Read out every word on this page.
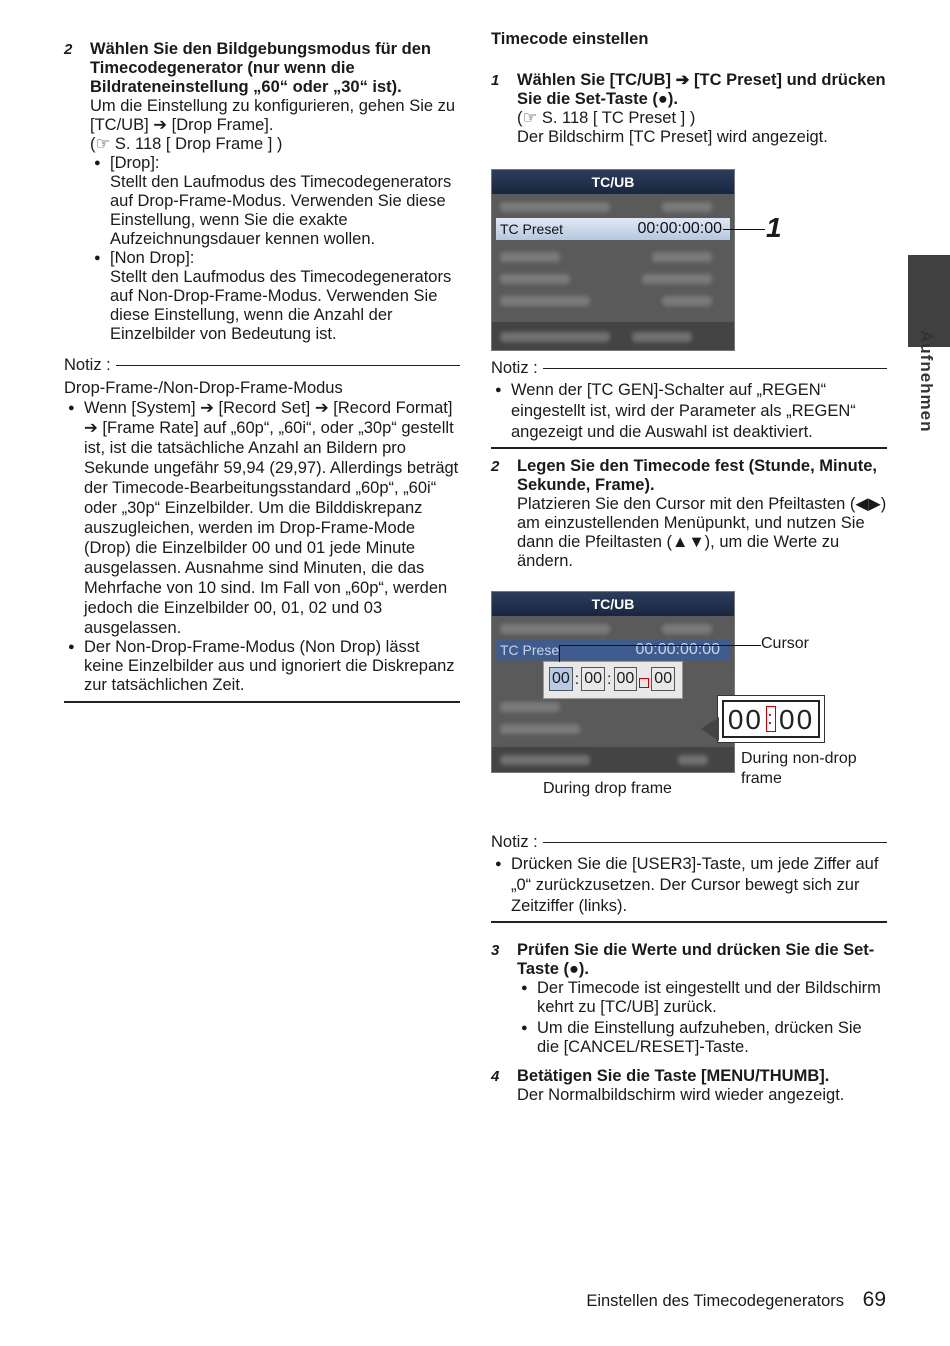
2 Wählen Sie den Bildgebungsmodus für den Timecodegenerator (nur wenn die Bildrateneinstellung „60“ oder „30“ ist).
Um die Einstellung zu konfigurieren, gehen Sie zu [TC/UB] ➔ [Drop Frame].
(☞ S. 118 [ Drop Frame ] )
● [Drop]:
Stellt den Laufmodus des Timecodegenerators auf Drop-Frame-Modus. Verwenden Sie diese Einstellung, wenn Sie die exakte Aufzeichnungsdauer kennen wollen.
● [Non Drop]:
Stellt den Laufmodus des Timecodegenerators auf Non-Drop-Frame-Modus. Verwenden Sie diese Einstellung, wenn die Anzahl der Einzelbilder von Bedeutung ist.
Notiz :
Drop-Frame-/Non-Drop-Frame-Modus
● Wenn [System] ➔ [Record Set] ➔ [Record Format] ➔ [Frame Rate] auf „60p“, „60i“, oder „30p“ gestellt ist, ist die tatsächliche Anzahl an Bildern pro Sekunde ungefähr 59,94 (29,97). Allerdings beträgt der Timecode-Bearbeitungsstandard „60p“, „60i“ oder „30p“ Einzelbilder. Um die Bilddiskrepanz auszugleichen, werden im Drop-Frame-Mode (Drop) die Einzelbilder 00 und 01 jede Minute ausgelassen. Ausnahme sind Minuten, die das Mehrfache von 10 sind. Im Fall von „60p“, werden jedoch die Einzelbilder 00, 01, 02 und 03 ausgelassen.
● Der Non-Drop-Frame-Modus (Non Drop) lässt keine Einzelbilder aus und ignoriert die Diskrepanz zur tatsächlichen Zeit.
Timecode einstellen
1 Wählen Sie [TC/UB] ➔ [TC Preset] und drücken Sie die Set-Taste (●).
(☞ S. 118 [ TC Preset ] )
Der Bildschirm [TC Preset] wird angezeigt.
TC/UB
TC Preset	00:00:00:00 1
Notiz :
● Wenn der [TC GEN]-Schalter auf „REGEN“ eingestellt ist, wird der Parameter als „REGEN“ angezeigt und die Auswahl ist deaktiviert.
2 Legen Sie den Timecode fest (Stunde, Minute, Sekunde, Frame).
Platzieren Sie den Cursor mit den Pfeiltasten (◀▶) am einzustellenden Menüpunkt, und nutzen Sie dann die Pfeiltasten (▲▼), um die Werte zu ändern.
TC/UB
TC Prese	00:00:00:00
00 : 00 : 00 00
Cursor
00 : 00
During drop frame
During non-drop frame
Notiz :
● Drücken Sie die [USER3]-Taste, um jede Ziffer auf „0“ zurückzusetzen. Der Cursor bewegt sich zur Zeitziffer (links).
3 Prüfen Sie die Werte und drücken Sie die Set-Taste (●).
● Der Timecode ist eingestellt und der Bildschirm kehrt zu [TC/UB] zurück.
● Um die Einstellung aufzuheben, drücken Sie die [CANCEL/RESET]-Taste.
4 Betätigen Sie die Taste [MENU/THUMB].
Der Normalbildschirm wird wieder angezeigt.
Aufnehmen
Einstellen des Timecodegenerators 69
